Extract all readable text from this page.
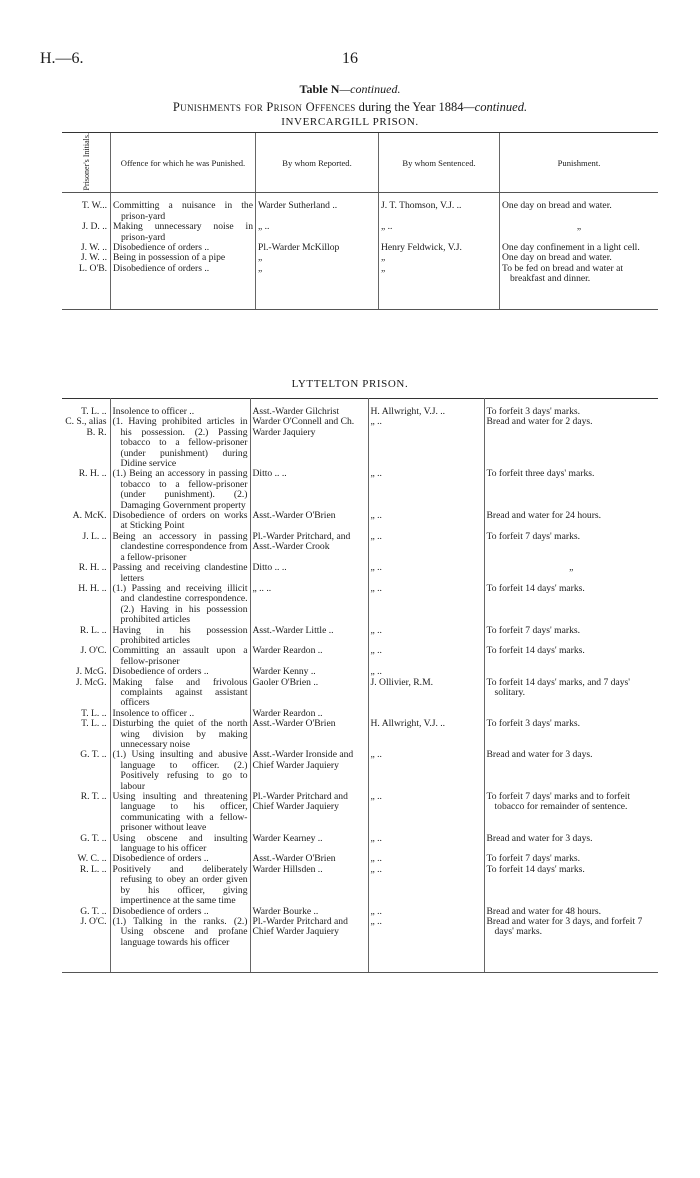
H.—6.	16
Table N—continued.
Punishments for Prison Offences during the Year 1884—continued.
INVERCARGILL PRISON.
Prisoner's Initials.	Offence for which he was Punished.	By whom Reported.	By whom Sentenced.	Punishment.

T. W...	Committing a nuisance in the prison-yard	Warder Sutherland ..	J. T. Thomson, V.J. ..	One day on bread and water.
J. D. ..	Making unnecessary noise in prison-yard	„ ..	„ ..	„
J. W. ..	Disobedience of orders ..	Pl.-Warder McKillop	Henry Feldwick, V.J.	One day confinement in a light cell.
J. W. ..	Being in possession of a pipe	„	„	One day on bread and water.
L. O'B.	Disobedience of orders ..	„	„	To be fed on bread and water at breakfast and dinner.

LYTTELTON PRISON.

T. L. ..	Insolence to officer ..	Asst.-Warder Gilchrist	H. Allwright, V.J. ..	To forfeit 3 days' marks.
C. S., alias B. R.	(1. Having prohibited articles in his possession. (2.) Passing tobacco to a fellow-prisoner (under punishment) during Didine service	Warder O'Connell and Ch. Warder Jaquiery	„ ..	Bread and water for 2 days.
R. H. ..	(1.) Being an accessory in passing tobacco to a fellow-prisoner (under punishment). (2.) Damaging Government property	Ditto .. ..	„ ..	To forfeit three days' marks.
A. McK.	Disobedience of orders on works at Sticking Point	Asst.-Warder O'Brien	„ ..	Bread and water for 24 hours.
J. L. ..	Being an accessory in passing clandestine correspondence from a fellow-prisoner	Pl.-Warder Pritchard, and Asst.-Warder Crook	„ ..	To forfeit 7 days' marks.
R. H. ..	Passing and receiving clandestine letters	Ditto .. ..	„ ..	„
H. H. ..	(1.) Passing and receiving illicit and clandestine correspondence. (2.) Having in his possession prohibited articles	„ .. ..	„ ..	To forfeit 14 days' marks.
R. L. ..	Having in his possession prohibited articles	Asst.-Warder Little ..	„ ..	To forfeit 7 days' marks.
J. O'C.	Committing an assault upon a fellow-prisoner	Warder Reardon ..	„ ..	To forfeit 14 days' marks.
J. McG.	Disobedience of orders ..	Warder Kenny ..	„ ..	
J. McG.	Making false and frivolous complaints against assistant officers	Gaoler O'Brien ..	J. Ollivier, R.M.	To forfeit 14 days' marks, and 7 days' solitary.
T. L. ..	Insolence to officer ..	Warder Reardon ..		
T. L. ..	Disturbing the quiet of the north wing division by making unnecessary noise	Asst.-Warder O'Brien	H. Allwright, V.J. ..	To forfeit 3 days' marks.
G. T. ..	(1.) Using insulting and abusive language to officer. (2.) Positively refusing to go to labour	Asst.-Warder Ironside and Chief Warder Jaquiery	„ ..	Bread and water for 3 days.
R. T. ..	Using insulting and threatening language to his officer, communicating with a fellow-prisoner without leave	Pl.-Warder Pritchard and Chief Warder Jaquiery	„ ..	To forfeit 7 days' marks and to forfeit tobacco for remainder of sentence.
G. T. ..	Using obscene and insulting language to his officer	Warder Kearney ..	„ ..	Bread and water for 3 days.
W. C. ..	Disobedience of orders ..	Asst.-Warder O'Brien	„ ..	To forfeit 7 days' marks.
R. L. ..	Positively and deliberately refusing to obey an order given by his officer, giving impertinence at the same time	Warder Hillsden ..	„ ..	To forfeit 14 days' marks.
G. T. ..	Disobedience of orders ..	Warder Bourke ..	„ ..	Bread and water for 48 hours.
J. O'C.	(1.) Talking in the ranks. (2.) Using obscene and profane language towards his officer	Pl.-Warder Pritchard and Chief Warder Jaquiery	„ ..	Bread and water for 3 days, and forfeit 7 days' marks.
